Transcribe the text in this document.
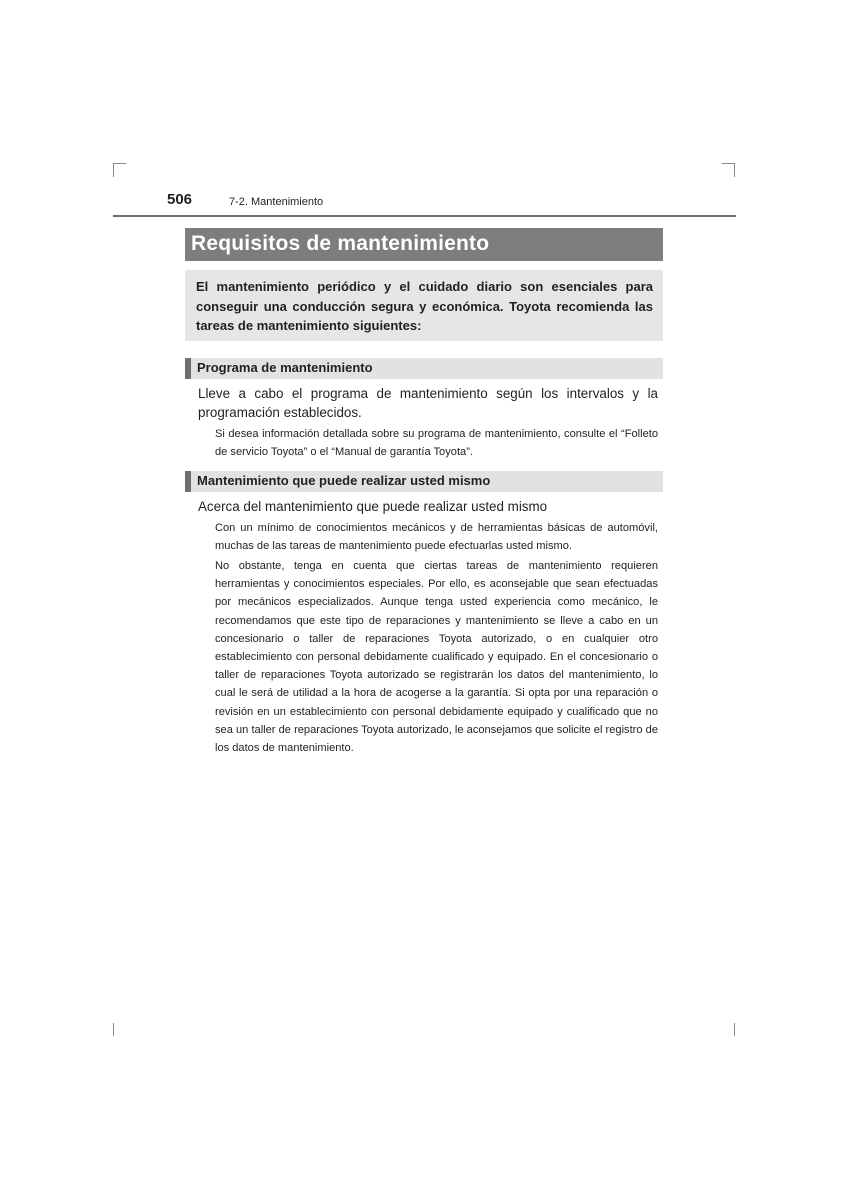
506	7-2. Mantenimiento
Requisitos de mantenimiento
El mantenimiento periódico y el cuidado diario son esenciales para conseguir una conducción segura y económica. Toyota recomienda las tareas de mantenimiento siguientes:
Programa de mantenimiento
Lleve a cabo el programa de mantenimiento según los intervalos y la programación establecidos.
Si desea información detallada sobre su programa de mantenimiento, consulte el “Folleto de servicio Toyota” o el “Manual de garantía Toyota”.
Mantenimiento que puede realizar usted mismo
Acerca del mantenimiento que puede realizar usted mismo
Con un mínimo de conocimientos mecánicos y de herramientas básicas de automóvil, muchas de las tareas de mantenimiento puede efectuarlas usted mismo.
No obstante, tenga en cuenta que ciertas tareas de mantenimiento requieren herramientas y conocimientos especiales. Por ello, es aconsejable que sean efectuadas por mecánicos especializados. Aunque tenga usted experiencia como mecánico, le recomendamos que este tipo de reparaciones y mantenimiento se lleve a cabo en un concesionario o taller de reparaciones Toyota autorizado, o en cualquier otro establecimiento con personal debidamente cualificado y equipado. En el concesionario o taller de reparaciones Toyota autorizado se registrarán los datos del mantenimiento, lo cual le será de utilidad a la hora de acogerse a la garantía. Si opta por una reparación o revisión en un establecimiento con personal debidamente equipado y cualificado que no sea un taller de reparaciones Toyota autorizado, le aconsejamos que solicite el registro de los datos de mantenimiento.
